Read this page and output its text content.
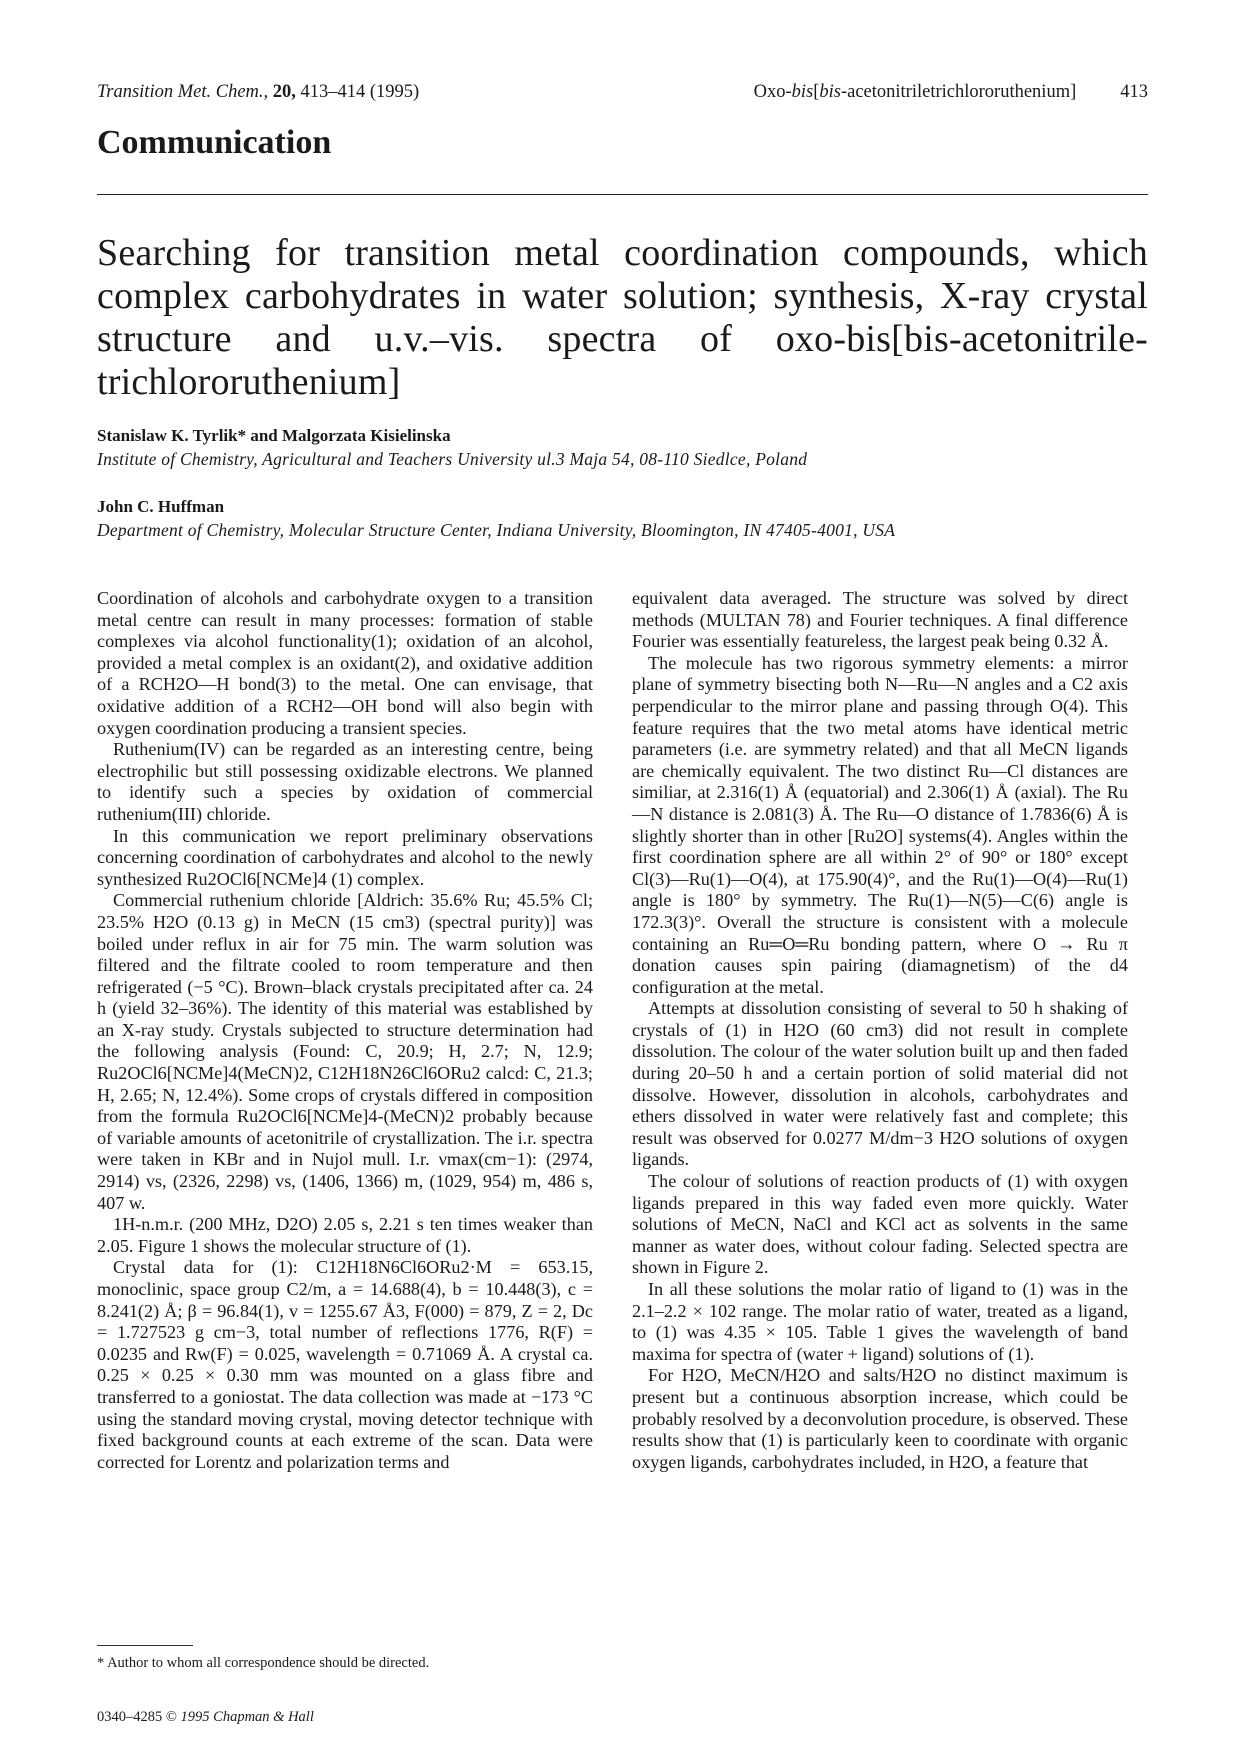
Transition Met. Chem., 20, 413–414 (1995)	Oxo-bis[bis-acetonitriletrichlororuthenium] 413
Communication
Searching for transition metal coordination compounds, which complex carbohydrates in water solution; synthesis, X-ray crystal structure and u.v.–vis. spectra of oxo-bis[bis-acetonitrile-trichlororuthenium]
Stanislaw K. Tyrlik* and Malgorzata Kisielinska
Institute of Chemistry, Agricultural and Teachers University ul.3 Maja 54, 08-110 Siedlce, Poland
John C. Huffman
Department of Chemistry, Molecular Structure Center, Indiana University, Bloomington, IN 47405-4001, USA

Coordination of alcohols and carbohydrate oxygen to a transition metal centre can result in many processes: formation of stable complexes via alcohol functionality(1); oxidation of an alcohol, provided a metal complex is an oxidant(2), and oxidative addition of a RCH2O—H bond(3) to the metal. One can envisage, that oxidative addition of a RCH2—OH bond will also begin with oxygen coordination producing a transient species.

Ruthenium(IV) can be regarded as an interesting centre, being electrophilic but still possessing oxidizable electrons. We planned to identify such a species by oxidation of commercial ruthenium(III) chloride.

In this communication we report preliminary observations concerning coordination of carbohydrates and alcohol to the newly synthesized Ru2OCl6[NCMe]4 (1) complex.

Commercial ruthenium chloride [Aldrich: 35.6% Ru; 45.5% Cl; 23.5% H2O (0.13 g) in MeCN (15 cm3) (spectral purity)] was boiled under reflux in air for 75 min. The warm solution was filtered and the filtrate cooled to room temperature and then refrigerated (−5 °C). Brown–black crystals precipitated after ca. 24 h (yield 32–36%). The identity of this material was established by an X-ray study. Crystals subjected to structure determination had the following analysis (Found: C, 20.9; H, 2.7; N, 12.9; Ru2OCl6[NCMe]4(MeCN)2, C12H18N26Cl6ORu2 calcd: C, 21.3; H, 2.65; N, 12.4%). Some crops of crystals differed in composition from the formula Ru2OCl6[NCMe]4-(MeCN)2 probably because of variable amounts of acetonitrile of crystallization. The i.r. spectra were taken in KBr and in Nujol mull. I.r. νmax(cm−1): (2974, 2914) vs, (2326, 2298) vs, (1406, 1366) m, (1029, 954) m, 486 s, 407 w.

1H-n.m.r. (200 MHz, D2O) 2.05 s, 2.21 s ten times weaker than 2.05. Figure 1 shows the molecular structure of (1).

Crystal data for (1): C12H18N6Cl6ORu2·M = 653.15, monoclinic, space group C2/m, a = 14.688(4), b = 10.448(3), c = 8.241(2) Å; β = 96.84(1), v = 1255.67 Å3, F(000) = 879, Z = 2, Dc = 1.727523 g cm−3, total number of reflections 1776, R(F) = 0.0235 and Rw(F) = 0.025, wavelength = 0.71069 Å. A crystal ca. 0.25 × 0.25 × 0.30 mm was mounted on a glass fibre and transferred to a goniostat. The data collection was made at −173 °C using the standard moving crystal, moving detector technique with fixed background counts at each extreme of the scan. Data were corrected for Lorentz and polarization terms and

equivalent data averaged. The structure was solved by direct methods (MULTAN 78) and Fourier techniques. A final difference Fourier was essentially featureless, the largest peak being 0.32 Å.

The molecule has two rigorous symmetry elements: a mirror plane of symmetry bisecting both N—Ru—N angles and a C2 axis perpendicular to the mirror plane and passing through O(4). This feature requires that the two metal atoms have identical metric parameters (i.e. are symmetry related) and that all MeCN ligands are chemically equivalent. The two distinct Ru—Cl distances are similiar, at 2.316(1) Å (equatorial) and 2.306(1) Å (axial). The Ru—N distance is 2.081(3) Å. The Ru—O distance of 1.7836(6) Å is slightly shorter than in other [Ru2O] systems(4). Angles within the first coordination sphere are all within 2° of 90° or 180° except Cl(3)—Ru(1)—O(4), at 175.90(4)°, and the Ru(1)—O(4)—Ru(1) angle is 180° by symmetry. The Ru(1)—N(5)—C(6) angle is 172.3(3)°. Overall the structure is consistent with a molecule containing an Ru═O═Ru bonding pattern, where O → Ru π donation causes spin pairing (diamagnetism) of the d4 configuration at the metal.

Attempts at dissolution consisting of several to 50 h shaking of crystals of (1) in H2O (60 cm3) did not result in complete dissolution. The colour of the water solution built up and then faded during 20–50 h and a certain portion of solid material did not dissolve. However, dissolution in alcohols, carbohydrates and ethers dissolved in water were relatively fast and complete; this result was observed for 0.0277 M/dm−3 H2O solutions of oxygen ligands.

The colour of solutions of reaction products of (1) with oxygen ligands prepared in this way faded even more quickly. Water solutions of MeCN, NaCl and KCl act as solvents in the same manner as water does, without colour fading. Selected spectra are shown in Figure 2.

In all these solutions the molar ratio of ligand to (1) was in the 2.1–2.2 × 102 range. The molar ratio of water, treated as a ligand, to (1) was 4.35 × 105. Table 1 gives the wavelength of band maxima for spectra of (water + ligand) solutions of (1).

For H2O, MeCN/H2O and salts/H2O no distinct maximum is present but a continuous absorption increase, which could be probably resolved by a deconvolution procedure, is observed. These results show that (1) is particularly keen to coordinate with organic oxygen ligands, carbohydrates included, in H2O, a feature that

* Author to whom all correspondence should be directed.
0340–4285 © 1995 Chapman & Hall
